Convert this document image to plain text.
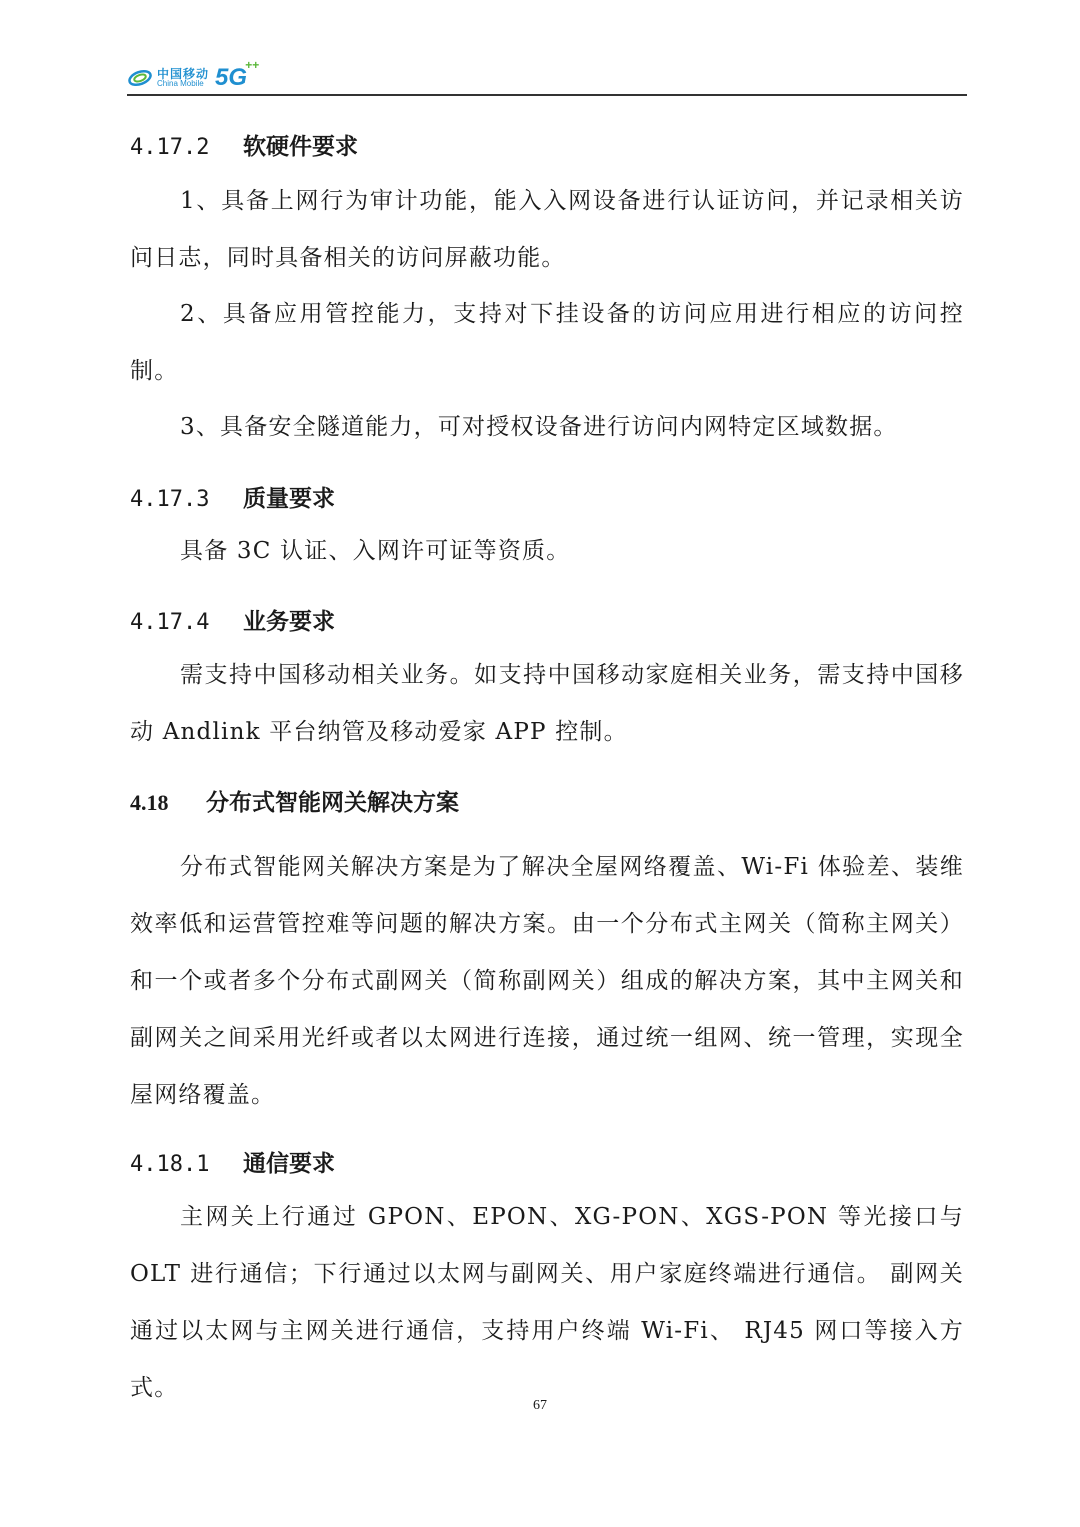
中国移动
China Mobile 5G
++
4.17.2 软硬件要求
1、具备上网行为审计功能，能入入网设备进行认证访问，并记录相关访问日志，同时具备相关的访问屏蔽功能。
2、具备应用管控能力，支持对下挂设备的访问应用进行相应的访问控制。
3、具备安全隧道能力，可对授权设备进行访问内网特定区域数据。
4.17.3 质量要求
具备 3C 认证、入网许可证等资质。
4.17.4 业务要求
需支持中国移动相关业务。如支持中国移动家庭相关业务，需支持中国移动 Andlink 平台纳管及移动爱家 APP 控制。
4.18 分布式智能网关解决方案
分布式智能网关解决方案是为了解决全屋网络覆盖、Wi-Fi 体验差、装维效率低和运营管控难等问题的解决方案。由一个分布式主网关（简称主网关）和一个或者多个分布式副网关（简称副网关）组成的解决方案，其中主网关和副网关之间采用光纤或者以太网进行连接，通过统一组网、统一管理，实现全屋网络覆盖。
4.18.1 通信要求
主网关上行通过 GPON、EPON、XG-PON、XGS-PON 等光接口与 OLT 进行通信；下行通过以太网与副网关、用户家庭终端进行通信。 副网关通过以太网与主网关进行通信，支持用户终端 Wi-Fi、 RJ45 网口等接入方式。
67
